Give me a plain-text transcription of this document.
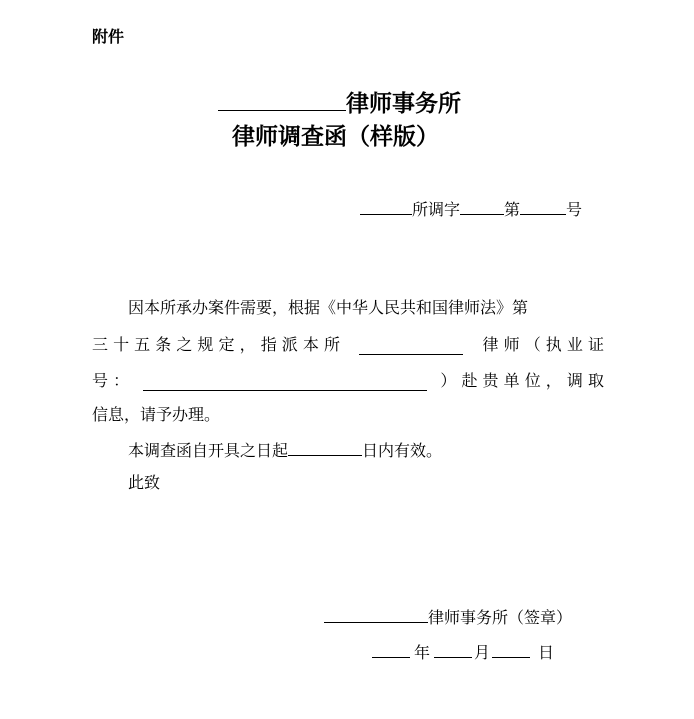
附件
律师事务所
律师调查函（样版）
所调字	第	号
因本所承办案件需要，根据《中华人民共和国律师法》第
三 十 五 条 之 规 定 ， 指 派 本 所	律 师 （ 执 业 证
号 ：	） 赴 贵 单 位 ， 调 取
信息，请予办理。
本调查函自开具之日起	日内有效。
此致
律师事务所（签章）
年	月	日
